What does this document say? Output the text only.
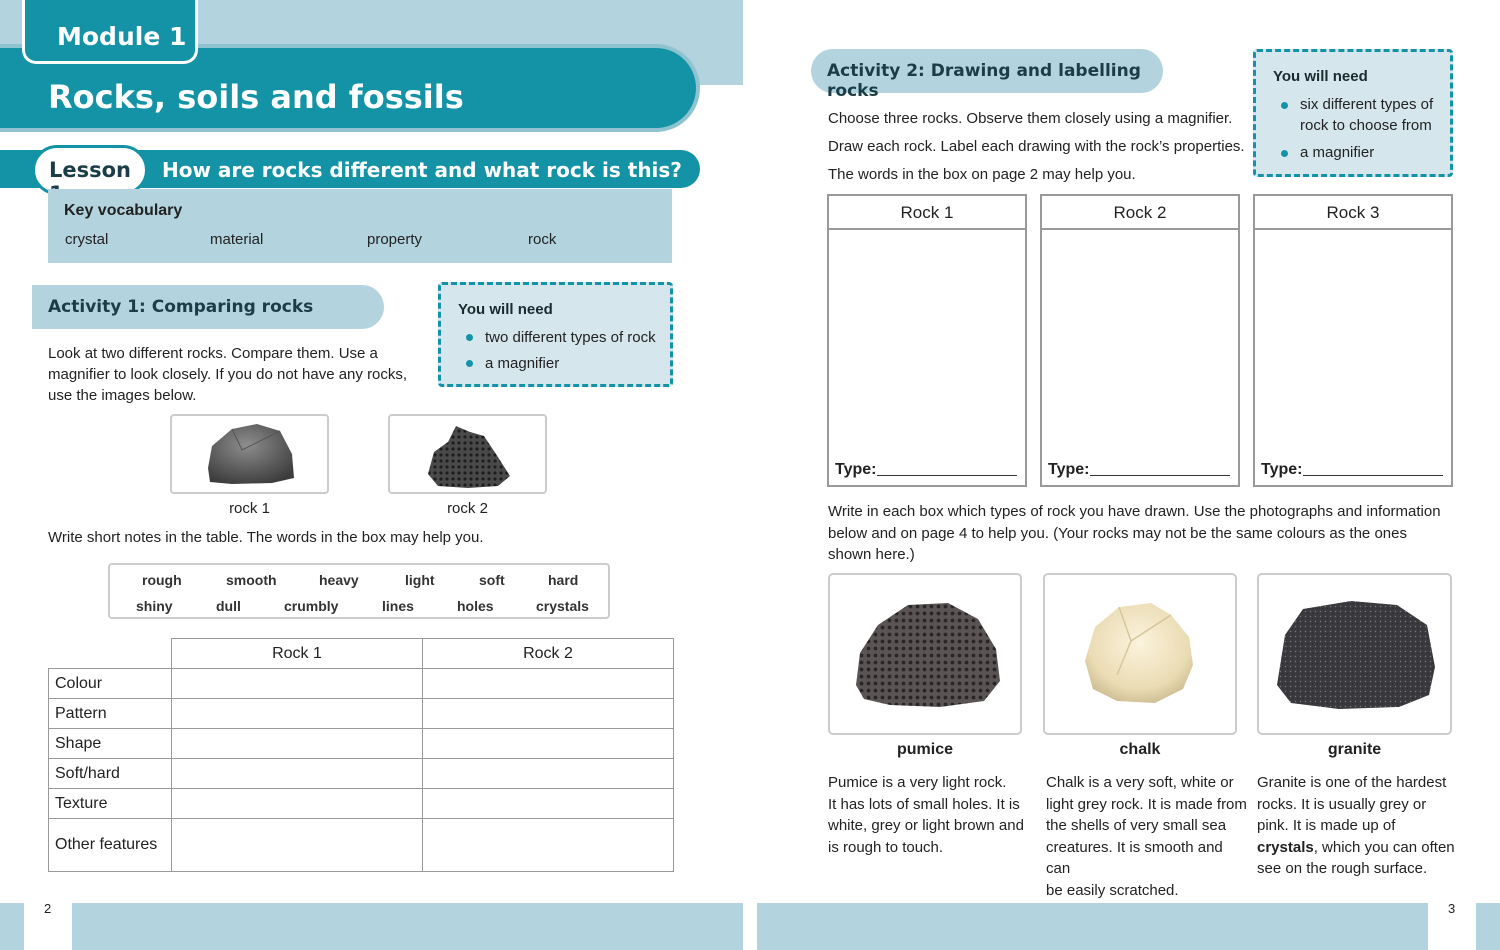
Module 1
Rocks, soils and fossils
Lesson	How are rocks different and what rock is this?
Key vocabulary
crystal	material	property	rock
Activity 1: Comparing rocks	You will need
two different types of rock
a magnifier
Look at two different rocks. Compare them. Use a
magnifier to look closely. If you do not have any rocks,
use the images below.
rock 1	rock 2
Write short notes in the table. The words in the box may help you.
rough	smooth	heavy	light	soft	hard
shiny	dull	crumbly	lines	holes	crystals
	Rock 1	Rock 2
Colour		
Pattern		
Shape		
Soft/hard		
Texture		
Other features		
2
Activity 2: Drawing and labelling rocks
Choose three rocks. Observe them closely using a magnifier.
Draw each rock. Label each drawing with the rock’s properties.
The words in the box on page 2 may help you.
You will need
six different types of
rock to choose from
a magnifier
Rock 1
Type:
Rock 2
Type:
Rock 3
Type:
Write in each box which types of rock you have drawn. Use the photographs and information
below and on page 4 to help you. (Your rocks may not be the same colours as the ones
shown here.)
pumice	chalk	granite
Pumice is a very light rock.
It has lots of small holes. It is
white, grey or light brown and
is rough to touch.
Chalk is a very soft, white or
light grey rock. It is made from
the shells of very small sea
creatures. It is smooth and can
be easily scratched.
Granite is one of the hardest
rocks. It is usually grey or
pink. It is made up of
crystals, which you can often
see on the rough surface.
3
